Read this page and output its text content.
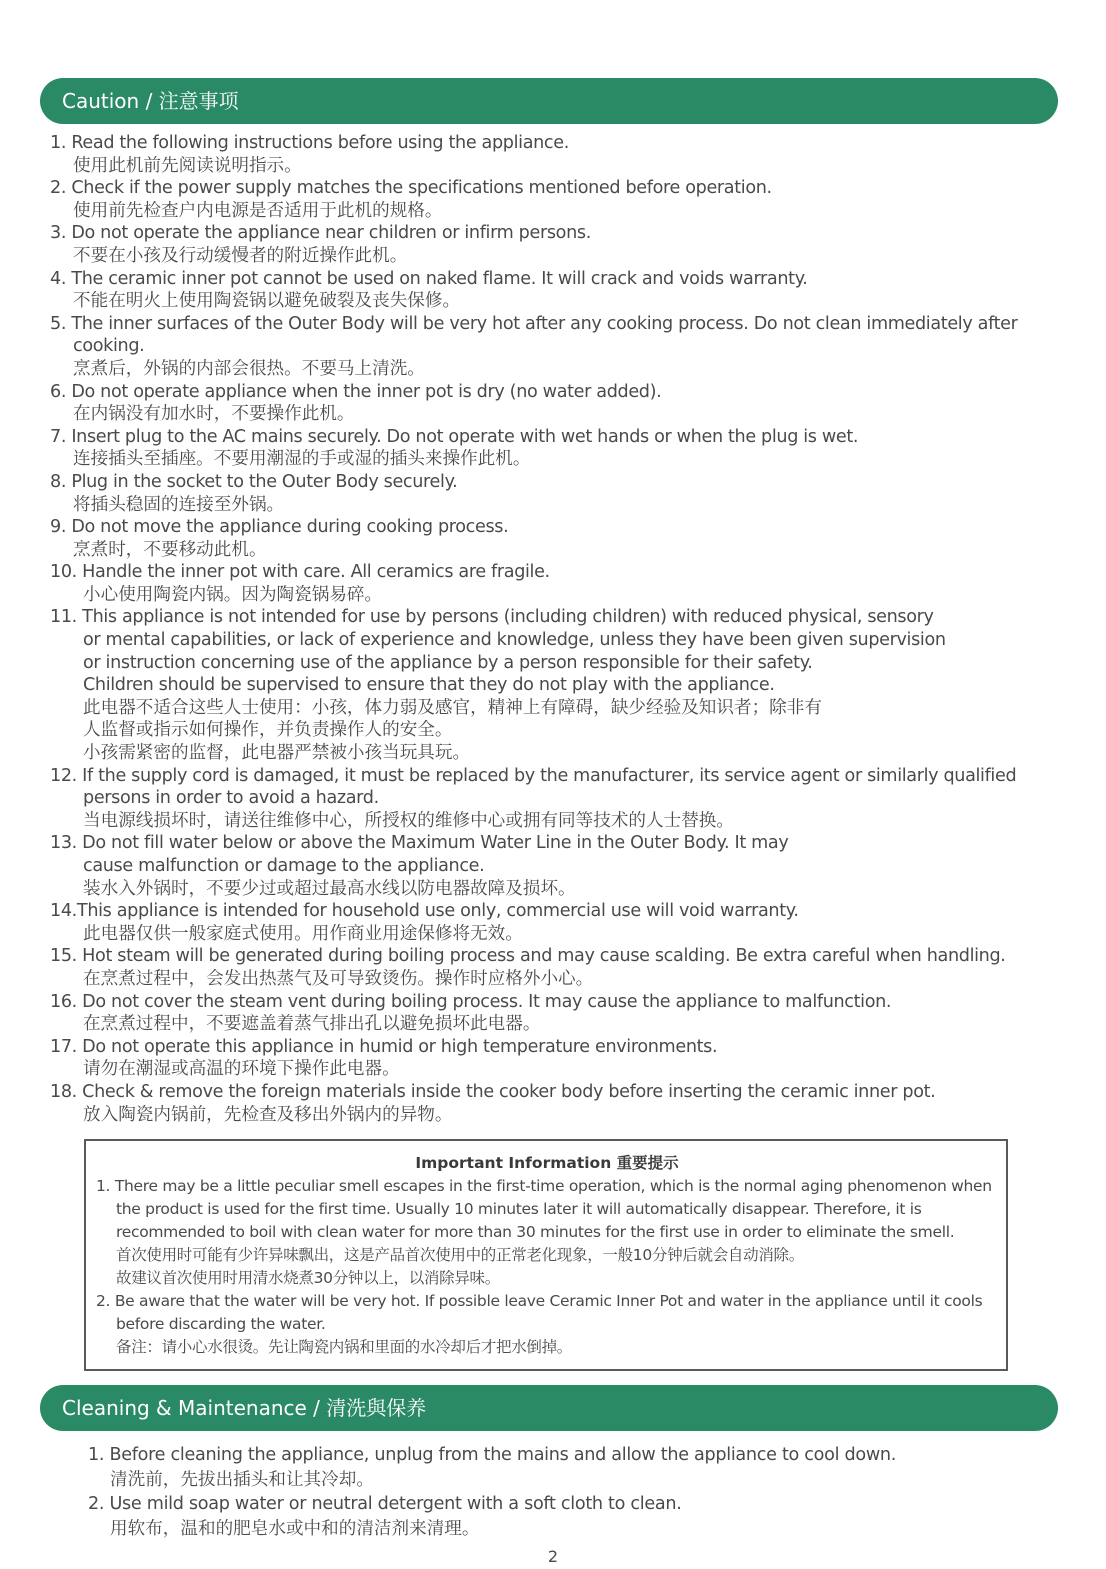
Caution / 注意事项
1. Read the following instructions before using the appliance.
使用此机前先阅读说明指示。
2. Check if the power supply matches the specifications mentioned before operation.
使用前先检查户内电源是否适用于此机的规格。
3. Do not operate the appliance near children or infirm persons.
不要在小孩及行动缓慢者的附近操作此机。
4. The ceramic inner pot cannot be used on naked flame. It will crack and voids warranty.
不能在明火上使用陶瓷锅以避免破裂及丧失保修。
5. The inner surfaces of the Outer Body will be very hot after any cooking process. Do not clean immediately after
cooking.
烹煮后，外锅的内部会很热。不要马上清洗。
6. Do not operate appliance when the inner pot is dry (no water added).
在内锅没有加水时，不要操作此机。
7. Insert plug to the AC mains securely. Do not operate with wet hands or when the plug is wet.
连接插头至插座。不要用潮湿的手或湿的插头来操作此机。
8. Plug in the socket to the Outer Body securely.
将插头稳固的连接至外锅。
9. Do not move the appliance during cooking process.
烹煮时，不要移动此机。
10. Handle the inner pot with care. All ceramics are fragile.
小心使用陶瓷内锅。因为陶瓷锅易碎。
11. This appliance is not intended for use by persons (including children) with reduced physical, sensory
or mental capabilities, or lack of experience and knowledge, unless they have been given supervision
or instruction concerning use of the appliance by a person responsible for their safety.
Children should be supervised to ensure that they do not play with the appliance.
此电器不适合这些人士使用：小孩，体力弱及感官，精神上有障碍，缺少经验及知识者；除非有
人监督或指示如何操作，并负责操作人的安全。
小孩需紧密的监督，此电器严禁被小孩当玩具玩。
12. If the supply cord is damaged, it must be replaced by the manufacturer, its service agent or similarly qualified
persons in order to avoid a hazard.
当电源线损坏时，请送往维修中心，所授权的维修中心或拥有同等技术的人士替换。
13. Do not fill water below or above the Maximum Water Line in the Outer Body. It may
cause malfunction or damage to the appliance.
装水入外锅时，不要少过或超过最高水线以防电器故障及损坏。
14.This appliance is intended for household use only, commercial use will void warranty.
此电器仅供一般家庭式使用。用作商业用途保修将无效。
15. Hot steam will be generated during boiling process and may cause scalding. Be extra careful when handling.
在烹煮过程中，会发出热蒸气及可导致烫伤。操作时应格外小心。
16. Do not cover the steam vent during boiling process. It may cause the appliance to malfunction.
在烹煮过程中，不要遮盖着蒸气排出孔以避免损坏此电器。
17. Do not operate this appliance in humid or high temperature environments.
请勿在潮湿或高温的环境下操作此电器。
18. Check & remove the foreign materials inside the cooker body before inserting the ceramic inner pot.
放入陶瓷内锅前，先检查及移出外锅内的异物。
Important Information 重要提示
1. There may be a little peculiar smell escapes in the first-time operation, which is the normal aging phenomenon when
the product is used for the first time. Usually 10 minutes later it will automatically disappear. Therefore, it is
recommended to boil with clean water for more than 30 minutes for the first use in order to eliminate the smell.
首次使用时可能有少许异味飘出，这是产品首次使用中的正常老化现象，一般10分钟后就会自动消除。
故建议首次使用时用清水烧煮30分钟以上，以消除异味。
2. Be aware that the water will be very hot. If possible leave Ceramic Inner Pot and water in the appliance until it cools
before discarding the water.
备注：请小心水很烫。先让陶瓷内锅和里面的水冷却后才把水倒掉。
Cleaning & Maintenance / 清洗與保养
1. Before cleaning the appliance, unplug from the mains and allow the appliance to cool down.
清洗前，先拔出插头和让其冷却。
2. Use mild soap water or neutral detergent with a soft cloth to clean.
用软布，温和的肥皂水或中和的清洁剂来清理。
2
